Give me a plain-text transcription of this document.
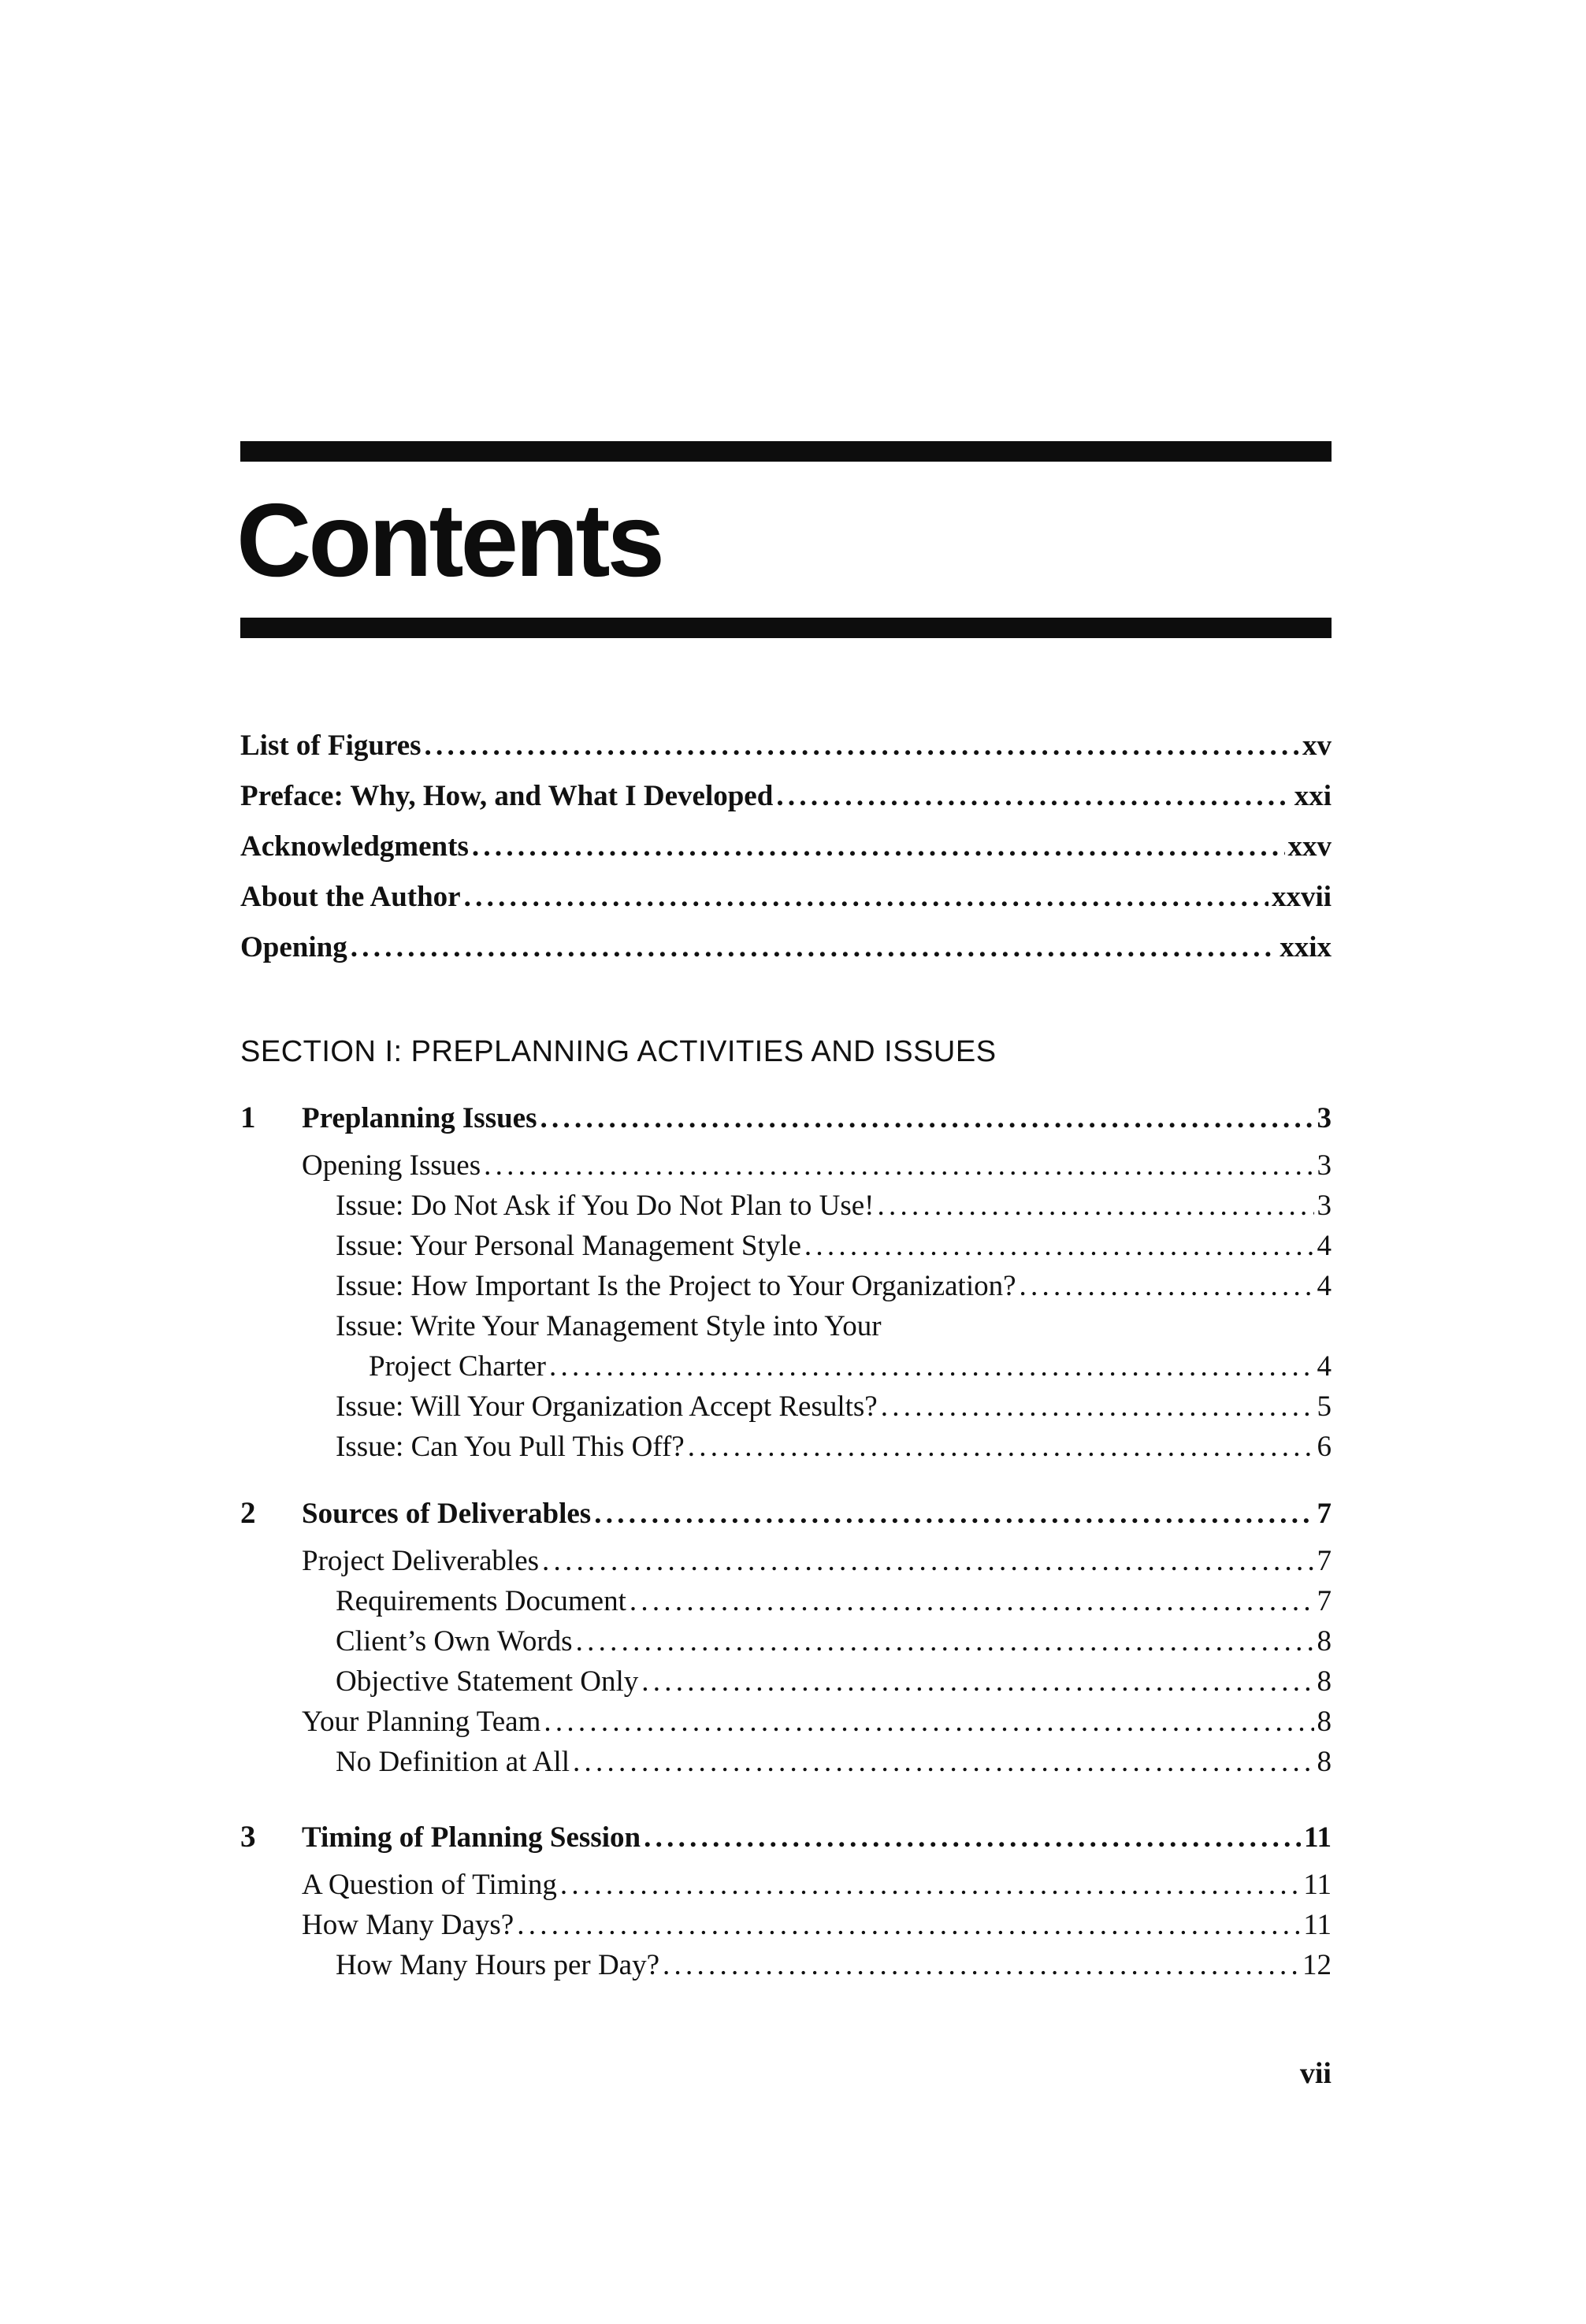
Contents
List of Figures . . .	xv
Preface: Why, How, and What I Developed . . .	xxi
Acknowledgments . . .	xxv
About the Author . . .	xxvii
Opening . . .	xxix
SECTION I: PREPLANNING ACTIVITIES AND ISSUES
1	Preplanning Issues . . .	3
Opening Issues . . .	3
Issue: Do Not Ask if You Do Not Plan to Use! . . .	3
Issue: Your Personal Management Style . . .	4
Issue: How Important Is the Project to Your Organization? . . .	4
Issue: Write Your Management Style into Your
Project Charter . . .	4
Issue: Will Your Organization Accept Results? . . .	5
Issue: Can You Pull This Off? . . .	6
2	Sources of Deliverables . . .	7
Project Deliverables . . .	7
Requirements Document . . .	7
Client’s Own Words . . .	8
Objective Statement Only . . .	8
Your Planning Team . . .	8
No Definition at All . . .	8
3	Timing of Planning Session . . .	11
A Question of Timing . . .	11
How Many Days? . . .	11
How Many Hours per Day? . . .	12
vii
